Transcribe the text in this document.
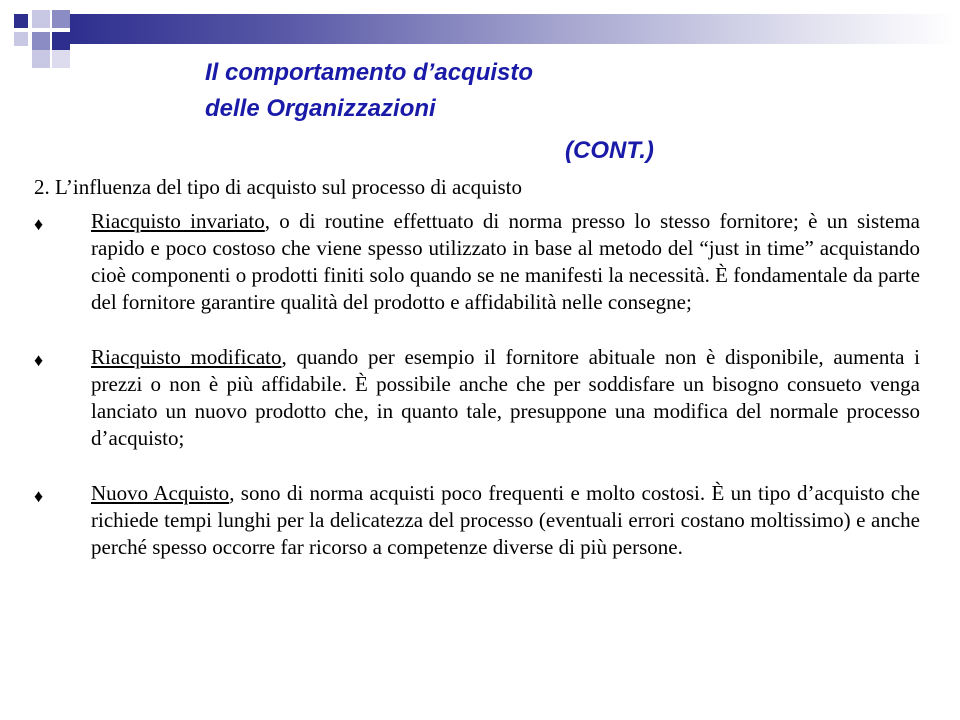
Il comportamento d’acquisto
delle Organizzazioni
(CONT.)
2. L’influenza del tipo di acquisto sul processo di acquisto
♦	Riacquisto invariato, o di routine effettuato di norma presso lo stesso fornitore; è un sistema rapido e poco costoso che viene spesso utilizzato in base al metodo del “just in time” acquistando cioè componenti o prodotti finiti solo quando se ne manifesti la necessità. È fondamentale da parte del fornitore garantire qualità del prodotto e affidabilità nelle consegne;
♦	Riacquisto modificato, quando per esempio il fornitore abituale non è disponibile, aumenta i prezzi o non è più affidabile. È possibile anche che per soddisfare un bisogno consueto venga lanciato un nuovo prodotto che, in quanto tale, presuppone una modifica del normale processo d’acquisto;
♦	Nuovo Acquisto, sono di norma acquisti poco frequenti e molto costosi. È un tipo d’acquisto che richiede tempi lunghi per la delicatezza del processo (eventuali errori costano moltissimo) e anche perché spesso occorre far ricorso a competenze diverse di più persone.
